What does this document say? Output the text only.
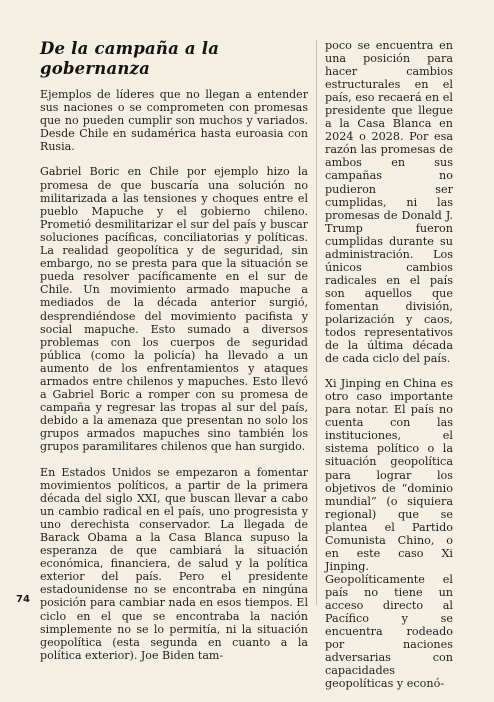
De la campaña a la gobernanza

Ejemplos de líderes que no llegan a entender sus naciones o se comprometen con promesas que no pueden cumplir son muchos y variados. Desde Chile en sudamérica hasta euroasia con Rusia.

Gabriel Boric en Chile por ejemplo hizo la promesa de que buscaría una solución no militarizada a las tensiones y choques entre el pueblo Mapuche y el gobierno chileno. Prometió desmilitarizar el sur del país y buscar soluciones pacíficas, conciliatorias y políticas. La realidad geopolítica y de seguridad, sin embargo, no se presta para que la situación se pueda resolver pacíficamente en el sur de Chile. Un movimiento armado mapuche a mediados de la década anterior surgió, desprendiéndose del movimiento pacifista y social mapuche. Esto sumado a diversos problemas con los cuerpos de seguridad pública (como la policía) ha llevado a un aumento de los enfrentamientos y ataques armados entre chilenos y mapuches. Esto llevó a Gabriel Boric a romper con su promesa de campaña y regresar las tropas al sur del país, debido a la amenaza que presentan no solo los grupos armados mapuches sino también los grupos paramilitares chilenos que han surgido.

En Estados Unidos se empezaron a fomentar movimientos políticos, a partir de la primera década del siglo XXI, que buscan llevar a cabo un cambio radical en el país, uno progresista y uno derechista conservador. La llegada de Barack Obama a la Casa Blanca supuso la esperanza de que cambiará la situación económica, financiera, de salud y la política exterior del país. Pero el presidente estadounidense no se encontraba en ningúna posición para cambiar nada en esos tiempos. El ciclo en el que se encontraba la nación simplemente no se lo permitía, ni la situación geopolítica (esta segunda en cuanto a la política exterior). Joe Biden tam-

poco se encuentra en una posición para hacer cambios estructurales en el país, eso recaerá en el presidente que llegue a la Casa Blanca en 2024 o 2028. Por esa razón las promesas de ambos en sus campañas no pudieron ser cumplidas, ni las promesas de Donald J. Trump fueron cumplidas durante su administración. Los únicos cambios radicales en el país son aquellos que fomentan división, polarización y caos, todos representativos de la última década de cada ciclo del país.

Xi Jinping en China es otro caso importante para notar. El país no cuenta con las instituciones, el sistema político o la situación geopolítica para lograr los objetivos de “dominio mundial” (o siquiera regional) que se plantea el Partido Comunista Chino, o en este caso Xi Jinping. Geopolíticamente el país no tiene un acceso directo al Pacífico y se encuentra rodeado por naciones adversarias con capacidades geopolíticas y econó-

74
